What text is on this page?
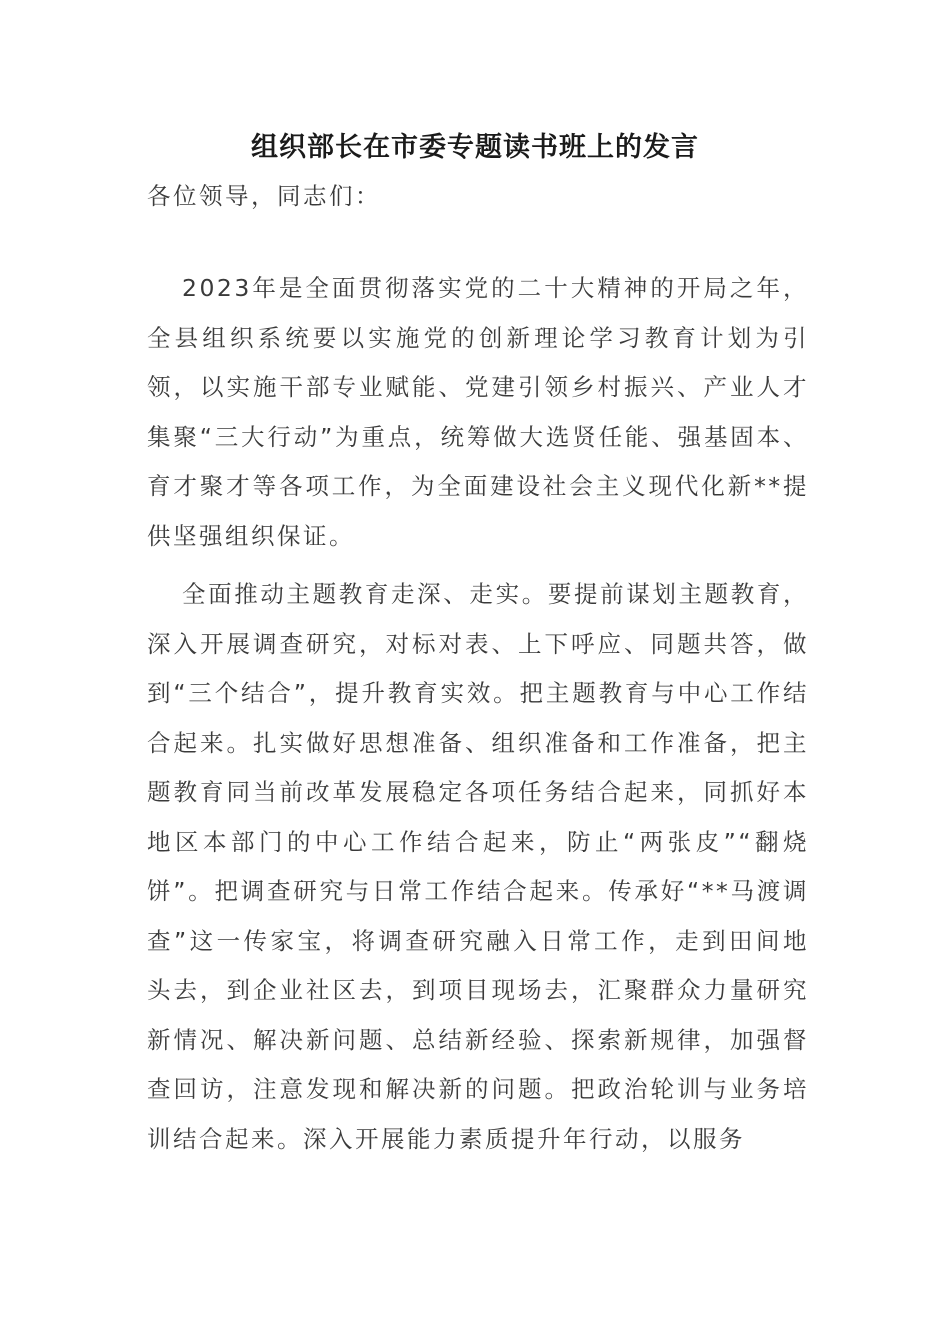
组织部长在市委专题读书班上的发言

各位领导，同志们：

2023年是全面贯彻落实党的二十大精神的开局之年，全县组织系统要以实施党的创新理论学习教育计划为引领，以实施干部专业赋能、党建引领乡村振兴、产业人才集聚“三大行动”为重点，统筹做大选贤任能、强基固本、育才聚才等各项工作，为全面建设社会主义现代化新**提供坚强组织保证。

全面推动主题教育走深、走实。要提前谋划主题教育，深入开展调查研究，对标对表、上下呼应、同题共答，做到“三个结合”，提升教育实效。把主题教育与中心工作结合起来。扎实做好思想准备、组织准备和工作准备，把主题教育同当前改革发展稳定各项任务结合起来，同抓好本地区本部门的中心工作结合起来，防止“两张皮”“翻烧饼”。把调查研究与日常工作结合起来。传承好“**马渡调查”这一传家宝，将调查研究融入日常工作，走到田间地头去，到企业社区去，到项目现场去，汇聚群众力量研究新情况、解决新问题、总结新经验、探索新规律，加强督查回访，注意发现和解决新的问题。把政治轮训与业务培训结合起来。深入开展能力素质提升年行动，以服务
